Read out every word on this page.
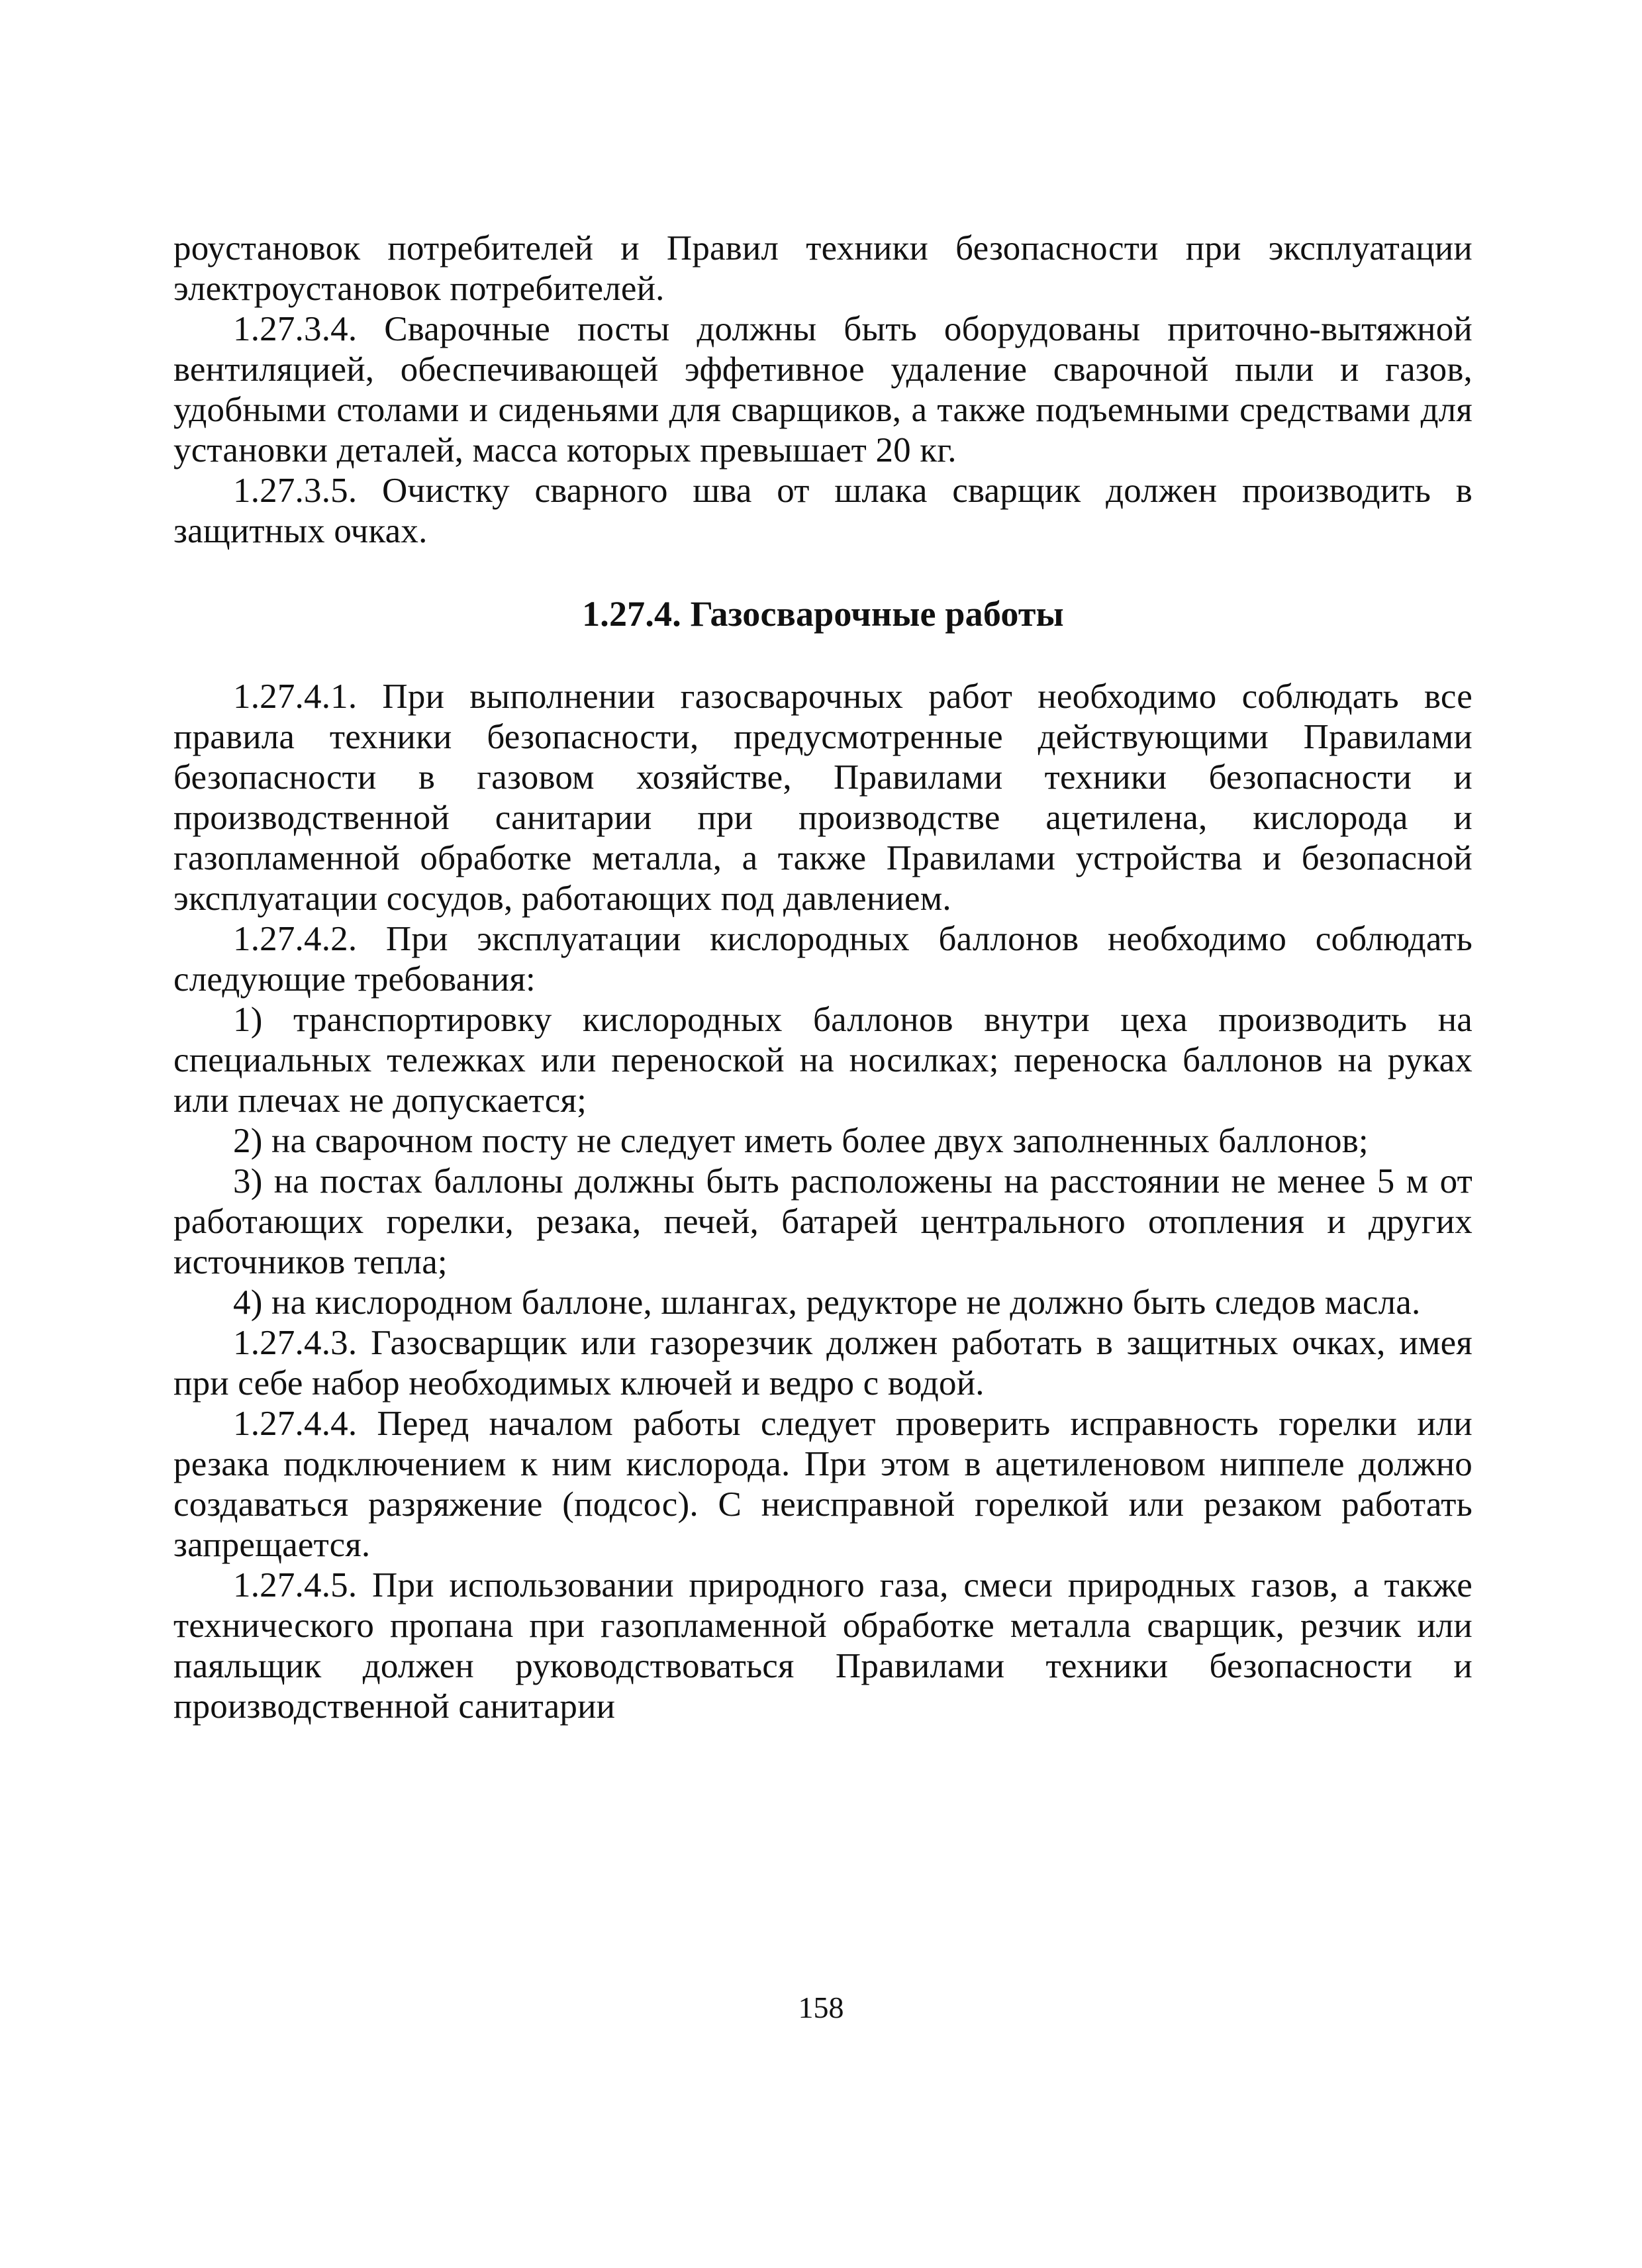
роустановок потребителей и Правил техники безопасности при эксплуатации электроустановок потребителей.

1.27.3.4. Сварочные посты должны быть оборудованы приточно-вытяжной вентиляцией, обеспечивающей эффетивное удаление сварочной пыли и газов, удобными столами и сиденьями для сварщиков, а также подъемными средствами для установки деталей, масса которых превышает 20 кг.

1.27.3.5. Очистку сварного шва от шлака сварщик должен производить в защитных очках.

1.27.4. Газосварочные работы

1.27.4.1. При выполнении газосварочных работ необходимо соблюдать все правила техники безопасности, предусмотренные действующими Правилами безопасности в газовом хозяйстве, Правилами техники безопасности и производственной санитарии при производстве ацетилена, кислорода и газопламенной обработке металла, а также Правилами устройства и безопасной эксплуатации сосудов, работающих под давлением.

1.27.4.2. При эксплуатации кислородных баллонов необходимо соблюдать следующие требования:

1) транспортировку кислородных баллонов внутри цеха производить на специальных тележках или переноской на носилках; переноска баллонов на руках или плечах не допускается;

2) на сварочном посту не следует иметь более двух заполненных баллонов;

3) на постах баллоны должны быть расположены на расстоянии не менее 5 м от работающих горелки, резака, печей, батарей центрального отопления и других источников тепла;

4) на кислородном баллоне, шлангах, редукторе не должно быть следов масла.

1.27.4.3. Газосварщик или газорезчик должен работать в защитных очках, имея при себе набор необходимых ключей и ведро с водой.

1.27.4.4. Перед началом работы следует проверить исправность горелки или резака подключением к ним кислорода. При этом в ацетиленовом ниппеле должно создаваться разряжение (подсос). С неисправной горелкой или резаком работать запрещается.

1.27.4.5. При использовании природного газа, смеси природных газов, а также технического пропана при газопламенной обработке металла сварщик, резчик или паяльщик должен руководствоваться Правилами техники безопасности и производственной санитарии

158
